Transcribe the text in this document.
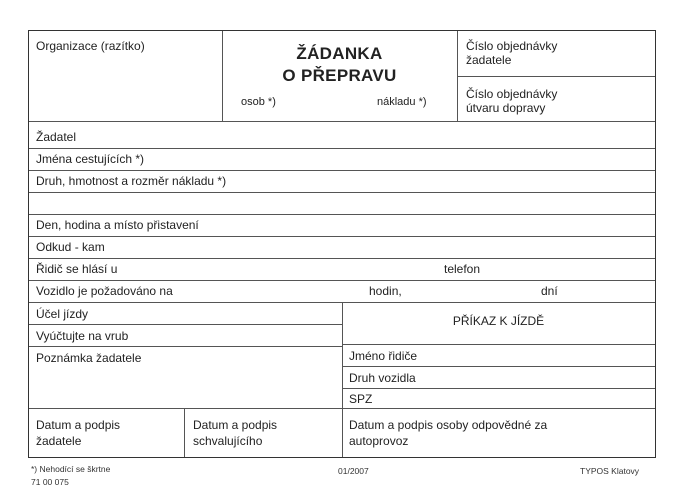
Organizace (razítko)	ŽÁDANKA
O PŘEPRAVU
osob *)	nákladu *)
Číslo objednávky žadatele
Číslo objednávky útvaru dopravy
Žadatel
Jména cestujících *)
Druh, hmotnost a rozměr nákladu *)
Den, hodina a místo přistavení
Odkud - kam
Řidič se hlásí u	telefon
Vozidlo je požadováno na	hodin,	dní
Účel jízdy
Vyúčtujte na vrub
Poznámka žadatele
PŘÍKAZ K JÍZDĚ
Jméno řidiče
Druh vozidla
SPZ
Datum a podpis žadatele
Datum a podpis schvalujícího
Datum a podpis osoby odpovědné za autoprovoz
*) Nehodící se škrtne
71 00 075
01/2007	TYPOS Klatovy
